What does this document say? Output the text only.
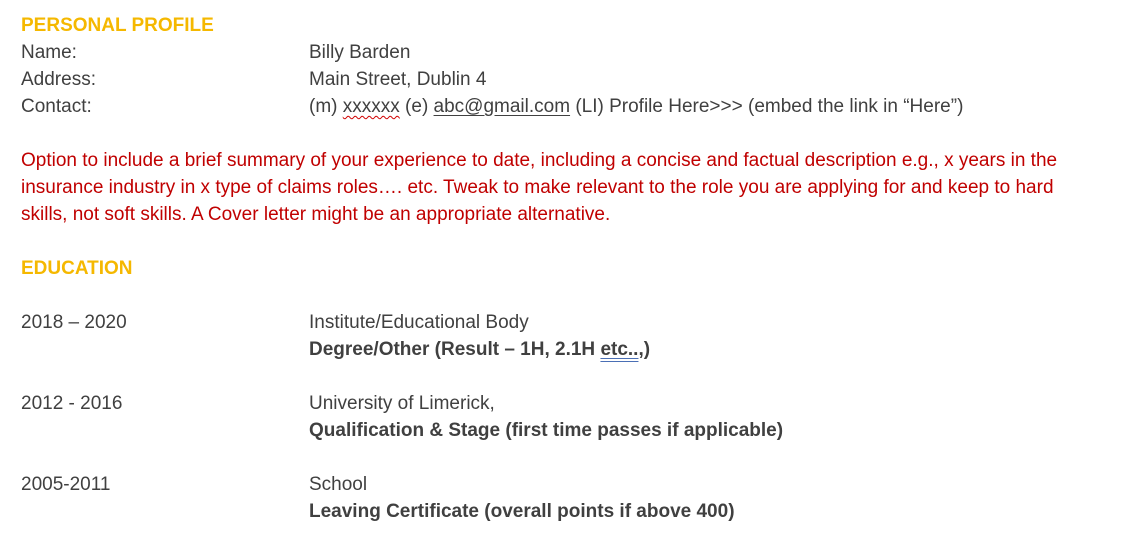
PERSONAL PROFILE
Name:	Billy Barden
Address:	Main Street, Dublin 4
Contact:	(m) xxxxxx (e) abc@gmail.com (LI) Profile Here>>> (embed the link in “Here”)
Option to include a brief summary of your experience to date, including a concise and factual description e.g., x years in the
insurance industry in x type of claims roles…. etc. Tweak to make relevant to the role you are applying for and keep to hard
skills, not soft skills. A Cover letter might be an appropriate alternative.
EDUCATION
2018 – 2020	Institute/Educational Body
Degree/Other (Result – 1H, 2.1H etc..,)
2012 - 2016	University of Limerick,
Qualification & Stage (first time passes if applicable)
2005-2011	School
Leaving Certificate (overall points if above 400)
